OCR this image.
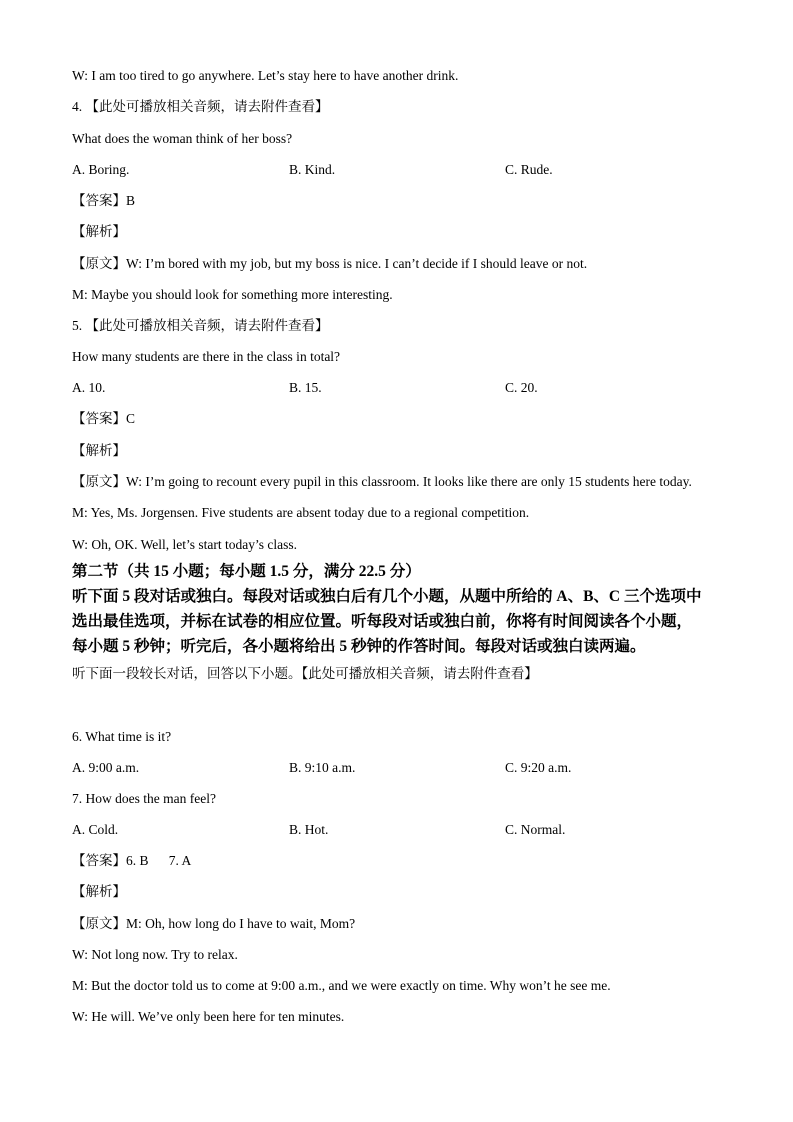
W: I am too tired to go anywhere. Let’s stay here to have another drink.
4. 【此处可播放相关音频，请去附件查看】
What does the woman think of her boss?
A. Boring.	B. Kind.	C. Rude.
【答案】B
【解析】
【原文】W: I’m bored with my job, but my boss is nice. I can’t decide if I should leave or not.
M: Maybe you should look for something more interesting.
5. 【此处可播放相关音频，请去附件查看】
How many students are there in the class in total?
A. 10.	B. 15.	C. 20.
【答案】C
【解析】
【原文】W: I’m going to recount every pupil in this classroom. It looks like there are only 15 students here today.
M: Yes, Ms. Jorgensen. Five students are absent today due to a regional competition.
W: Oh, OK. Well, let’s start today’s class.
第二节（共 15 小题；每小题 1.5 分，满分 22.5 分）
听下面 5 段对话或独白。每段对话或独白后有几个小题，从题中所给的 A、B、C 三个选项中
选出最佳选项，并标在试卷的相应位置。听每段对话或独白前，你将有时间阅读各个小题，
每小题 5 秒钟；听完后，各小题将给出 5 秒钟的作答时间。每段对话或独白读两遍。
听下面一段较长对话，回答以下小题。【此处可播放相关音频，请去附件查看】
6. What time is it?
A. 9:00 a.m.	B. 9:10 a.m.	C. 9:20 a.m.
7. How does the man feel?
A. Cold.	B. Hot.	C. Normal.
【答案】6. B      7. A
【解析】
【原文】M: Oh, how long do I have to wait, Mom?
W: Not long now. Try to relax.
M: But the doctor told us to come at 9:00 a.m., and we were exactly on time. Why won’t he see me.
W: He will. We’ve only been here for ten minutes.
